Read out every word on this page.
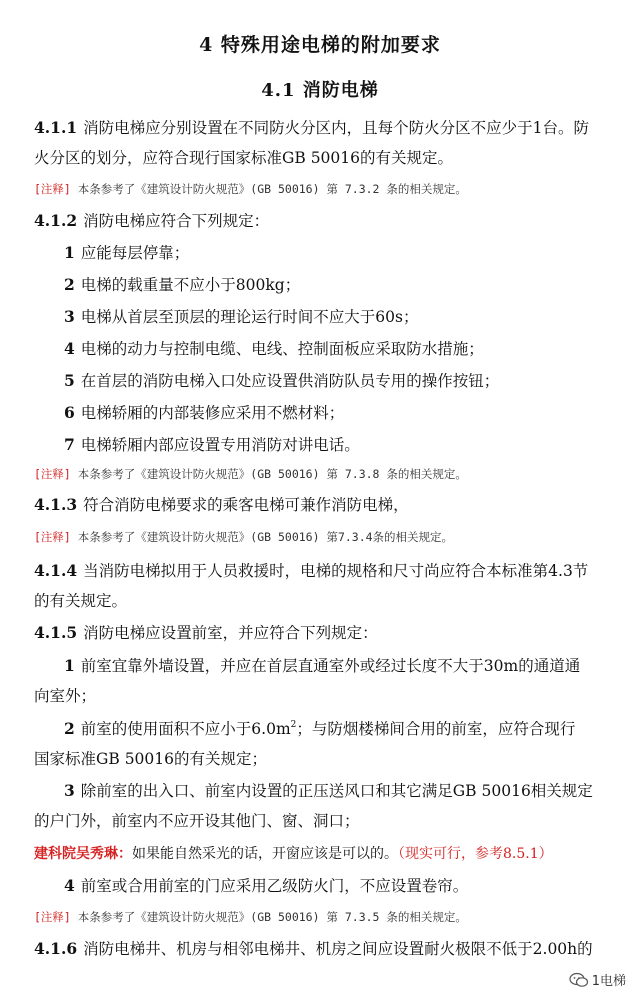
4 特殊用途电梯的附加要求
4.1 消防电梯
4.1.1 消防电梯应分别设置在不同防火分区内，且每个防火分区不应少于1台。防
火分区的划分，应符合现行国家标准GB 50016的有关规定。
[注释] 本条参考了《建筑设计防火规范》(GB 50016) 第 7.3.2 条的相关规定。
4.1.2 消防电梯应符合下列规定：
1 应能每层停靠；
2 电梯的载重量不应小于800kg；
3 电梯从首层至顶层的理论运行时间不应大于60s；
4 电梯的动力与控制电缆、电线、控制面板应采取防水措施；
5 在首层的消防电梯入口处应设置供消防队员专用的操作按钮；
6 电梯轿厢的内部装修应采用不燃材料；
7 电梯轿厢内部应设置专用消防对讲电话。
[注释] 本条参考了《建筑设计防火规范》(GB 50016) 第 7.3.8 条的相关规定。
4.1.3 符合消防电梯要求的乘客电梯可兼作消防电梯，
[注释] 本条参考了《建筑设计防火规范》(GB 50016) 第7.3.4条的相关规定。
4.1.4 当消防电梯拟用于人员救援时，电梯的规格和尺寸尚应符合本标准第4.3节
的有关规定。
4.1.5 消防电梯应设置前室，并应符合下列规定：
1 前室宜靠外墙设置，并应在首层直通室外或经过长度不大于30m的通道通
向室外；
2 前室的使用面积不应小于$6.0m^2$；与防烟楼梯间合用的前室，应符合现行
国家标准GB 50016的有关规定；
3 除前室的出入口、前室内设置的正压送风口和其它满足GB 50016相关规定
的户门外，前室内不应开设其他门、窗、洞口；
建科院吴秀琳：如果能自然采光的话，开窗应该是可以的。（现实可行，参考8.5.1）
4 前室或合用前室的门应采用乙级防火门，不应设置卷帘。
[注释] 本条参考了《建筑设计防火规范》(GB 50016) 第 7.3.5 条的相关规定。
4.1.6 消防电梯井、机房与相邻电梯井、机房之间应设置耐火极限不低于2.00h的
1电梯
